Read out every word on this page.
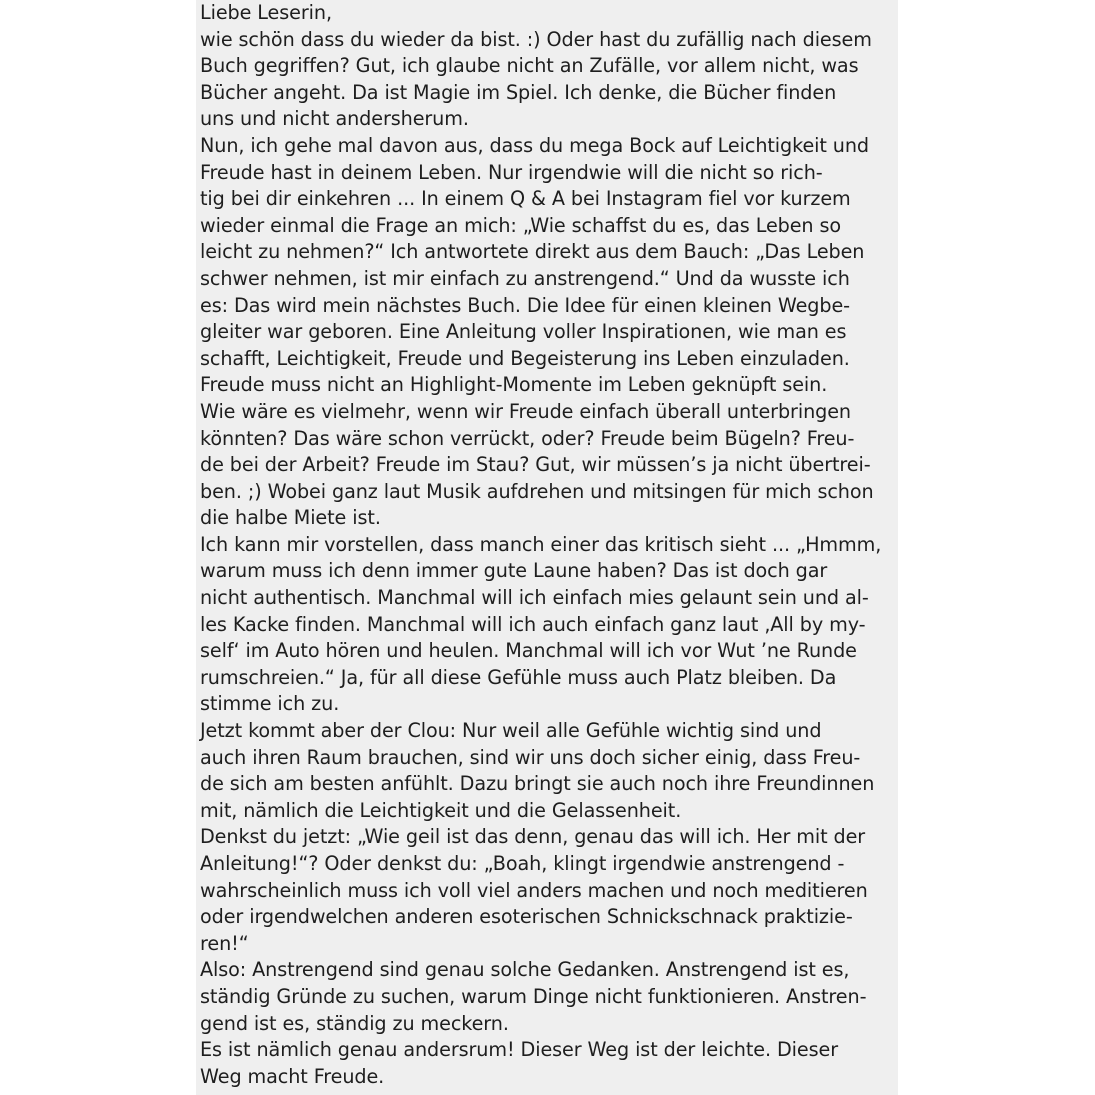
Liebe Leserin,
wie schön dass du wieder da bist. :) Oder hast du zufällig nach diesem
Buch gegriffen? Gut, ich glaube nicht an Zufälle, vor allem nicht, was
Bücher angeht. Da ist Magie im Spiel. Ich denke, die Bücher finden
uns und nicht andersherum.
Nun, ich gehe mal davon aus, dass du mega Bock auf Leichtigkeit und
Freude hast in deinem Leben. Nur irgendwie will die nicht so rich-
tig bei dir einkehren ... In einem Q & A bei Instagram fiel vor kurzem
wieder einmal die Frage an mich: „Wie schaffst du es, das Leben so
leicht zu nehmen?“ Ich antwortete direkt aus dem Bauch: „Das Leben
schwer nehmen, ist mir einfach zu anstrengend.“ Und da wusste ich
es: Das wird mein nächstes Buch. Die Idee für einen kleinen Wegbe-
gleiter war geboren. Eine Anleitung voller Inspirationen, wie man es
schafft, Leichtigkeit, Freude und Begeisterung ins Leben einzuladen.
Freude muss nicht an Highlight-Momente im Leben geknüpft sein.
Wie wäre es vielmehr, wenn wir Freude einfach überall unterbringen
könnten? Das wäre schon verrückt, oder? Freude beim Bügeln? Freu-
de bei der Arbeit? Freude im Stau? Gut, wir müssen’s ja nicht übertrei-
ben. ;) Wobei ganz laut Musik aufdrehen und mitsingen für mich schon
die halbe Miete ist.
Ich kann mir vorstellen, dass manch einer das kritisch sieht ... „Hmmm,
warum muss ich denn immer gute Laune haben? Das ist doch gar
nicht authentisch. Manchmal will ich einfach mies gelaunt sein und al-
les Kacke finden. Manchmal will ich auch einfach ganz laut ‚All by my-
self‘ im Auto hören und heulen. Manchmal will ich vor Wut ’ne Runde
rumschreien.“ Ja, für all diese Gefühle muss auch Platz bleiben. Da
stimme ich zu.
Jetzt kommt aber der Clou: Nur weil alle Gefühle wichtig sind und
auch ihren Raum brauchen, sind wir uns doch sicher einig, dass Freu-
de sich am besten anfühlt. Dazu bringt sie auch noch ihre Freundinnen
mit, nämlich die Leichtigkeit und die Gelassenheit.
Denkst du jetzt: „Wie geil ist das denn, genau das will ich. Her mit der
Anleitung!“? Oder denkst du: „Boah, klingt irgendwie anstrengend -
wahrscheinlich muss ich voll viel anders machen und noch meditieren
oder irgendwelchen anderen esoterischen Schnickschnack praktizie-
ren!“
Also: Anstrengend sind genau solche Gedanken. Anstrengend ist es,
ständig Gründe zu suchen, warum Dinge nicht funktionieren. Anstren-
gend ist es, ständig zu meckern.
Es ist nämlich genau andersrum! Dieser Weg ist der leichte. Dieser
Weg macht Freude.
